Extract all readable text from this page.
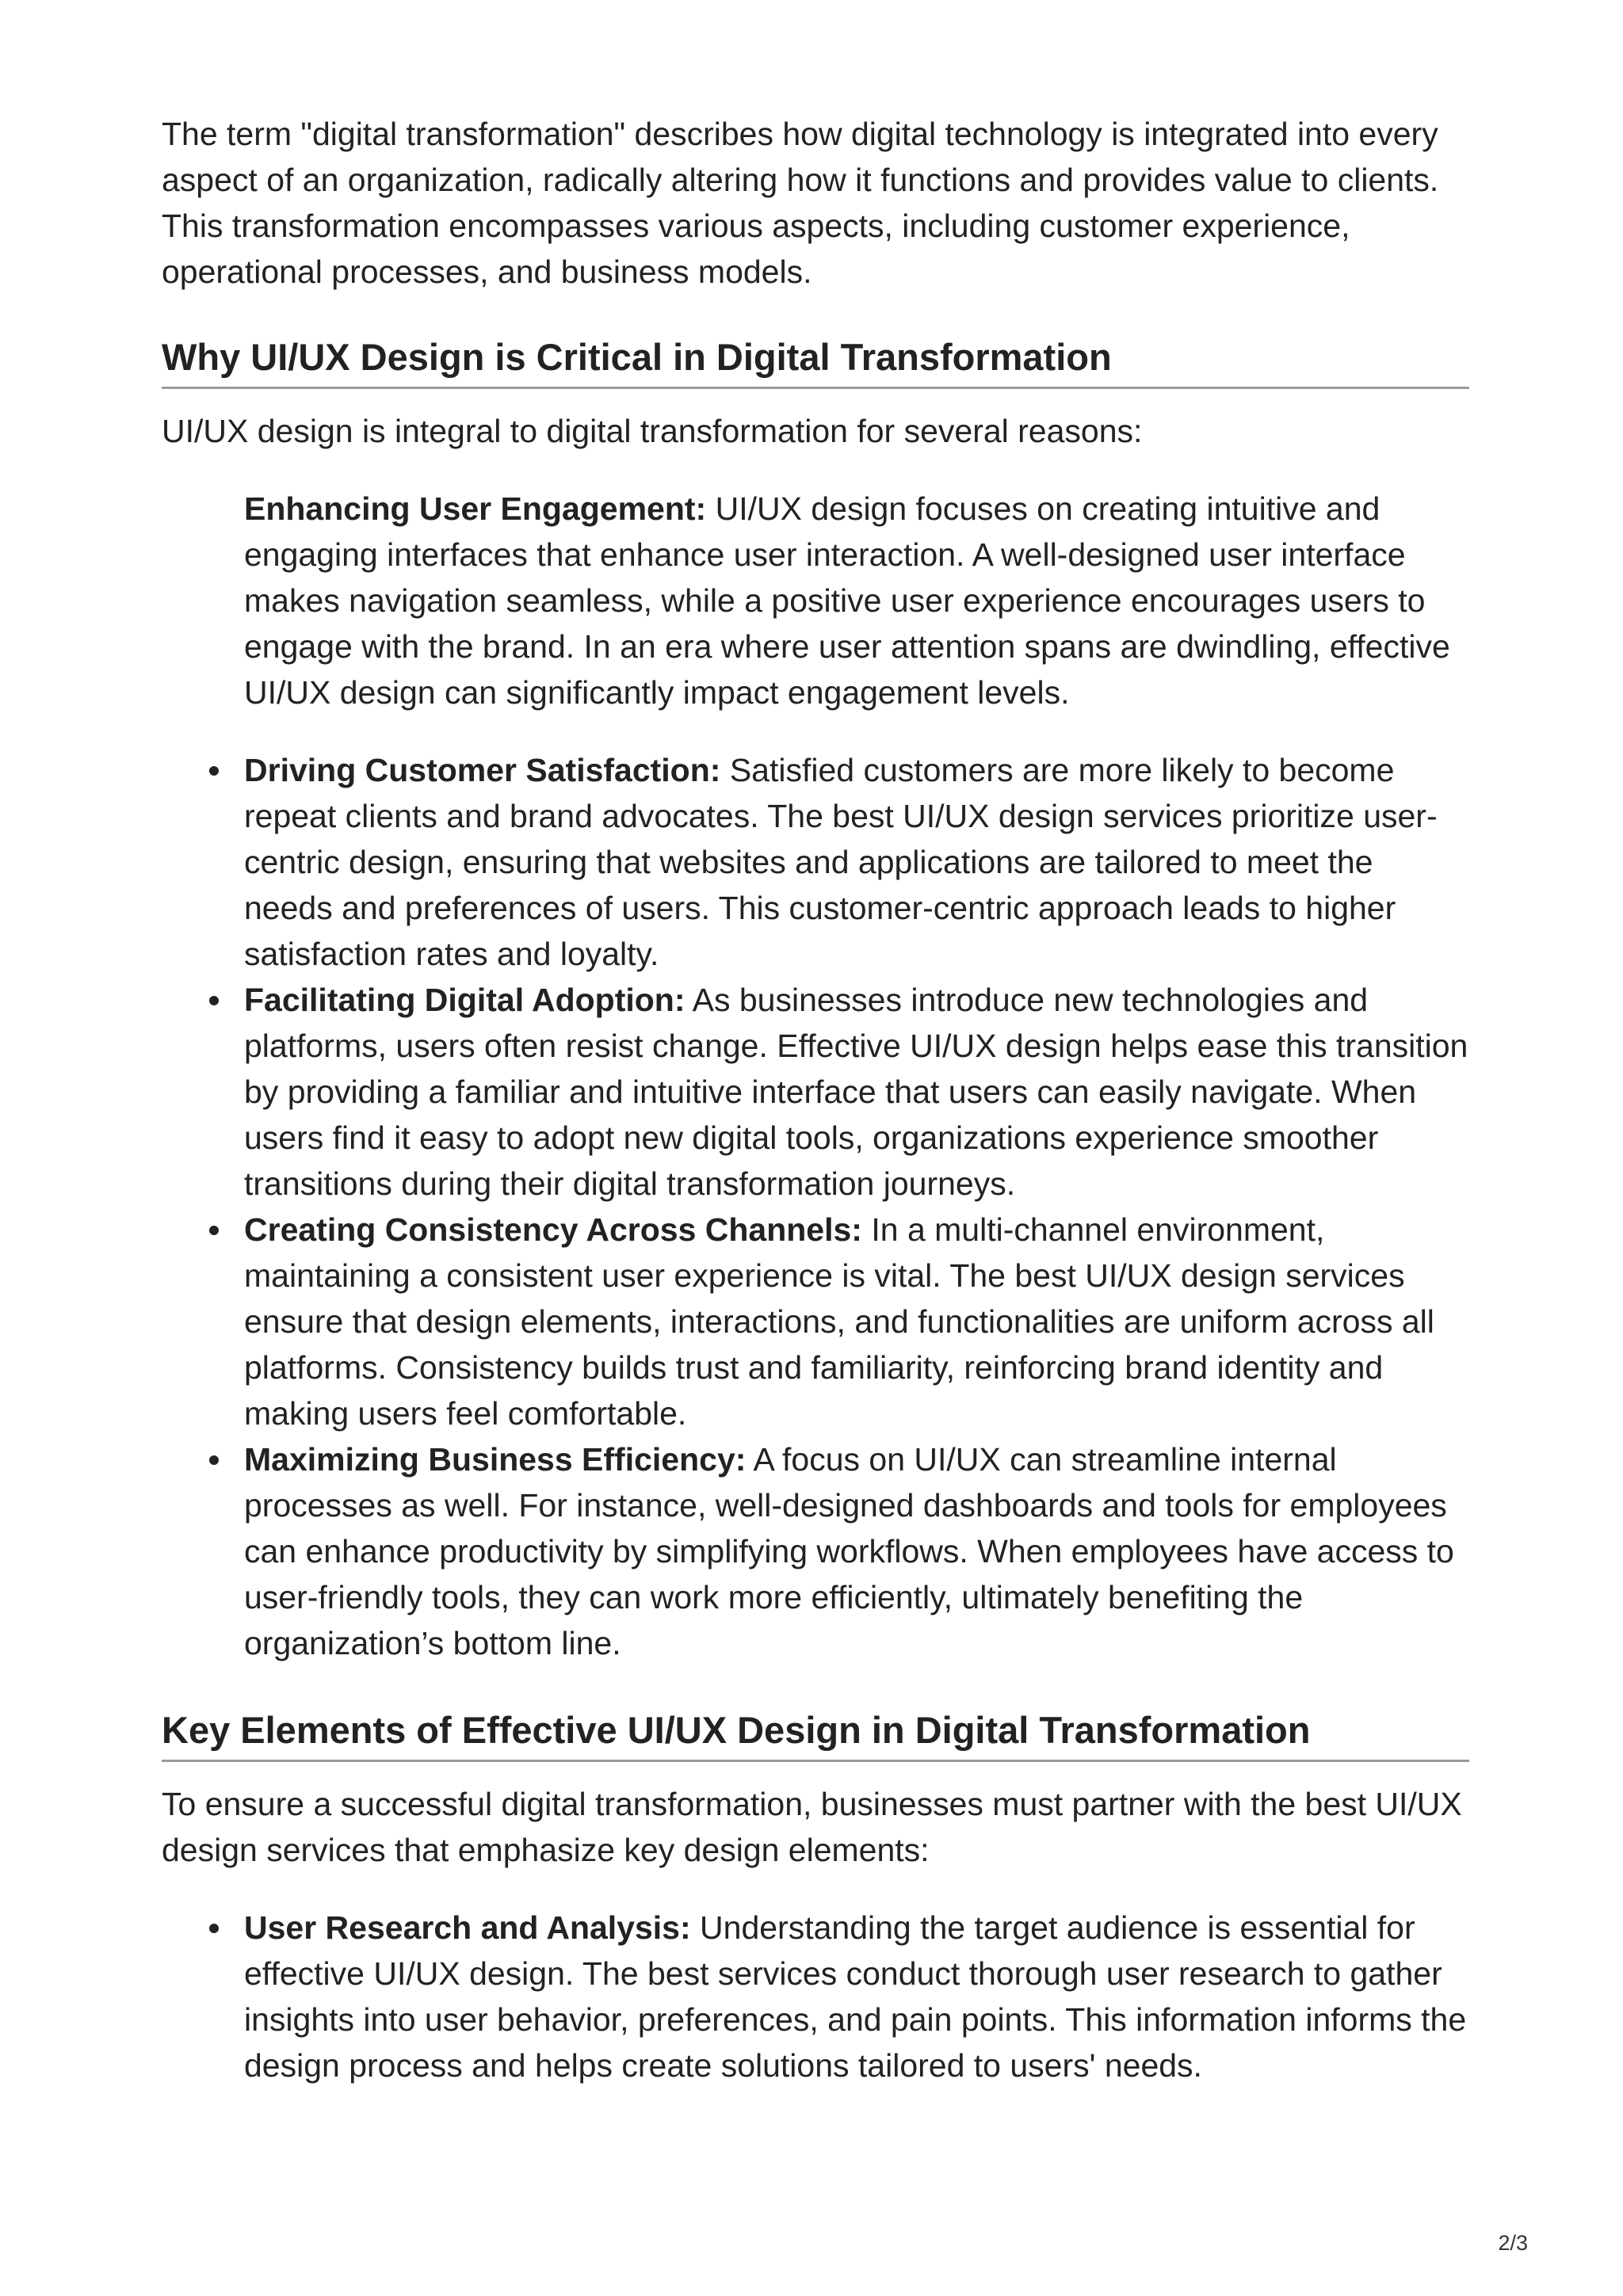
The term "digital transformation" describes how digital technology is integrated into every aspect of an organization, radically altering how it functions and provides value to clients. This transformation encompasses various aspects, including customer experience, operational processes, and business models.

Why UI/UX Design is Critical in Digital Transformation

UI/UX design is integral to digital transformation for several reasons:

Enhancing User Engagement: UI/UX design focuses on creating intuitive and engaging interfaces that enhance user interaction. A well-designed user interface makes navigation seamless, while a positive user experience encourages users to engage with the brand. In an era where user attention spans are dwindling, effective UI/UX design can significantly impact engagement levels.
Driving Customer Satisfaction: Satisfied customers are more likely to become repeat clients and brand advocates. The best UI/UX design services prioritize user-centric design, ensuring that websites and applications are tailored to meet the needs and preferences of users. This customer-centric approach leads to higher satisfaction rates and loyalty.
Facilitating Digital Adoption: As businesses introduce new technologies and platforms, users often resist change. Effective UI/UX design helps ease this transition by providing a familiar and intuitive interface that users can easily navigate. When users find it easy to adopt new digital tools, organizations experience smoother transitions during their digital transformation journeys.
Creating Consistency Across Channels: In a multi-channel environment, maintaining a consistent user experience is vital. The best UI/UX design services ensure that design elements, interactions, and functionalities are uniform across all platforms. Consistency builds trust and familiarity, reinforcing brand identity and making users feel comfortable.
Maximizing Business Efficiency: A focus on UI/UX can streamline internal processes as well. For instance, well-designed dashboards and tools for employees can enhance productivity by simplifying workflows. When employees have access to user-friendly tools, they can work more efficiently, ultimately benefiting the organization’s bottom line.
Key Elements of Effective UI/UX Design in Digital Transformation

To ensure a successful digital transformation, businesses must partner with the best UI/UX design services that emphasize key design elements:

User Research and Analysis: Understanding the target audience is essential for effective UI/UX design. The best services conduct thorough user research to gather insights into user behavior, preferences, and pain points. This information informs the design process and helps create solutions tailored to users' needs.
2/3
